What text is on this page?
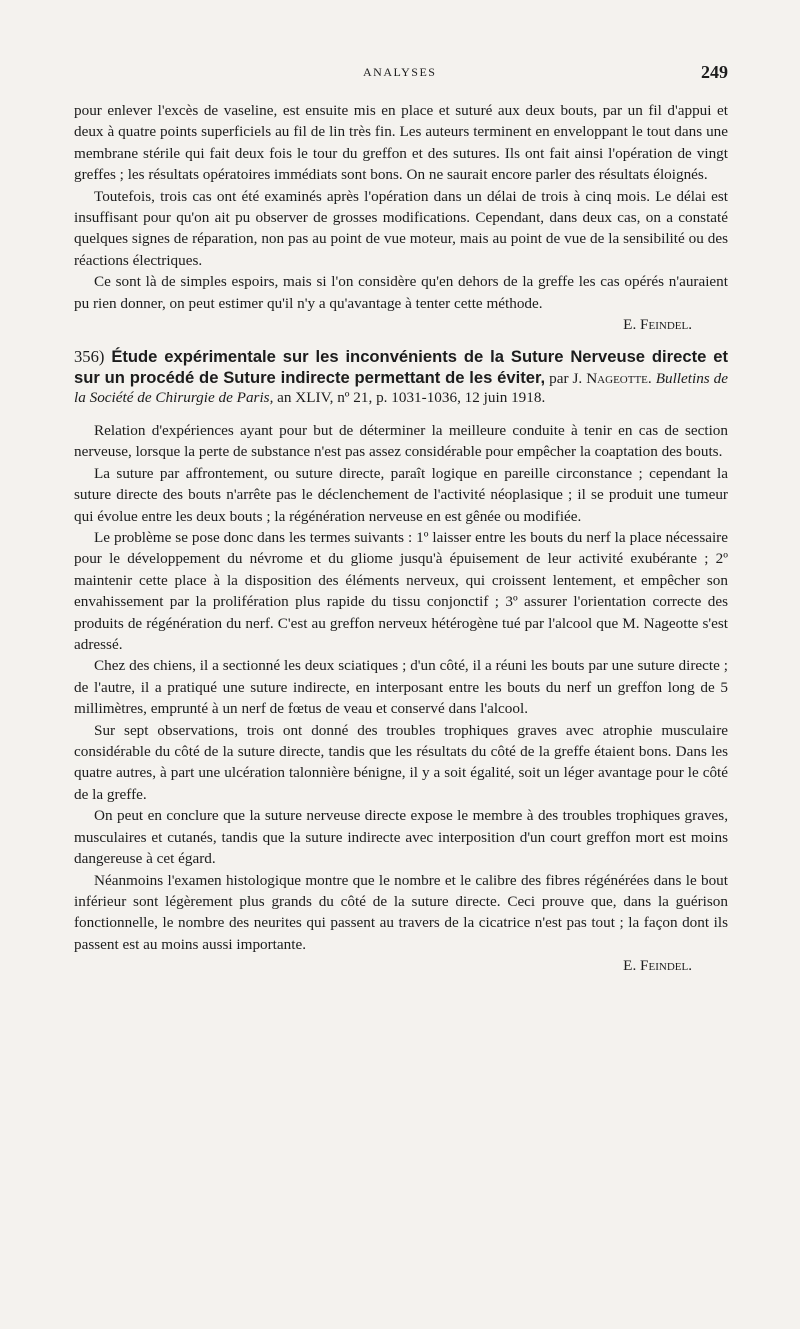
ANALYSES	249

pour enlever l'excès de vaseline, est ensuite mis en place et suturé aux deux bouts, par un fil d'appui et deux à quatre points superficiels au fil de lin très fin. Les auteurs terminent en enveloppant le tout dans une membrane stérile qui fait deux fois le tour du greffon et des sutures. Ils ont fait ainsi l'opération de vingt greffes ; les résultats opératoires immédiats sont bons. On ne saurait encore parler des résultats éloignés.

Toutefois, trois cas ont été examinés après l'opération dans un délai de trois à cinq mois. Le délai est insuffisant pour qu'on ait pu observer de grosses modifications. Cependant, dans deux cas, on a constaté quelques signes de réparation, non pas au point de vue moteur, mais au point de vue de la sensibilité ou des réactions électriques.

Ce sont là de simples espoirs, mais si l'on considère qu'en dehors de la greffe les cas opérés n'auraient pu rien donner, on peut estimer qu'il n'y a qu'avantage à tenter cette méthode.

E. Feindel.
356) Étude expérimentale sur les inconvénients de la Suture Nerveuse directe et sur un procédé de Suture indirecte permettant de les éviter, par J. Nageotte. Bulletins de la Société de Chirurgie de Paris, an XLIV, nº 21, p. 1031-1036, 12 juin 1918.

Relation d'expériences ayant pour but de déterminer la meilleure conduite à tenir en cas de section nerveuse, lorsque la perte de substance n'est pas assez considérable pour empêcher la coaptation des bouts.

La suture par affrontement, ou suture directe, paraît logique en pareille circonstance ; cependant la suture directe des bouts n'arrête pas le déclenchement de l'activité néoplasique ; il se produit une tumeur qui évolue entre les deux bouts ; la régénération nerveuse en est gênée ou modifiée.

Le problème se pose donc dans les termes suivants : 1º laisser entre les bouts du nerf la place nécessaire pour le développement du névrome et du gliome jusqu'à épuisement de leur activité exubérante ; 2º maintenir cette place à la disposition des éléments nerveux, qui croissent lentement, et empêcher son envahissement par la prolifération plus rapide du tissu conjonctif ; 3º assurer l'orientation correcte des produits de régénération du nerf. C'est au greffon nerveux hétérogène tué par l'alcool que M. Nageotte s'est adressé.

Chez des chiens, il a sectionné les deux sciatiques ; d'un côté, il a réuni les bouts par une suture directe ; de l'autre, il a pratiqué une suture indirecte, en interposant entre les bouts du nerf un greffon long de 5 millimètres, emprunté à un nerf de fœtus de veau et conservé dans l'alcool.

Sur sept observations, trois ont donné des troubles trophiques graves avec atrophie musculaire considérable du côté de la suture directe, tandis que les résultats du côté de la greffe étaient bons. Dans les quatre autres, à part une ulcération talonnière bénigne, il y a soit égalité, soit un léger avantage pour le côté de la greffe.

On peut en conclure que la suture nerveuse directe expose le membre à des troubles trophiques graves, musculaires et cutanés, tandis que la suture indirecte avec interposition d'un court greffon mort est moins dangereuse à cet égard.

Néanmoins l'examen histologique montre que le nombre et le calibre des fibres régénérées dans le bout inférieur sont légèrement plus grands du côté de la suture directe. Ceci prouve que, dans la guérison fonctionnelle, le nombre des neurites qui passent au travers de la cicatrice n'est pas tout ; la façon dont ils passent est au moins aussi importante.

E. Feindel.
